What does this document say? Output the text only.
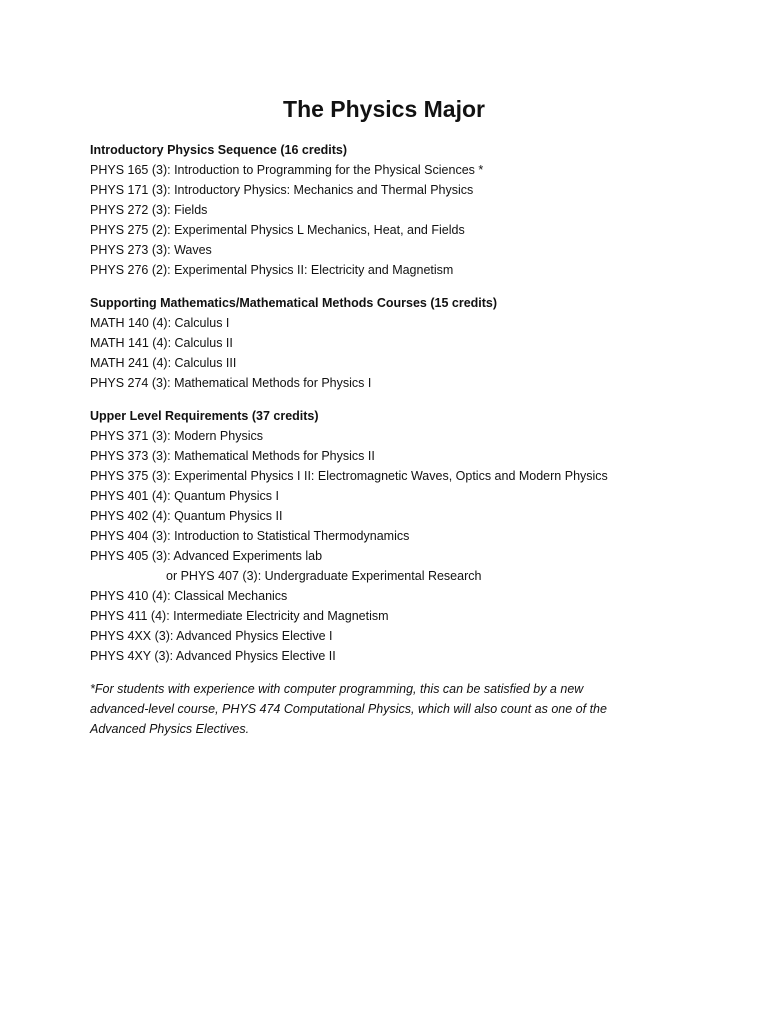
The Physics Major
Introductory Physics Sequence (16 credits)
PHYS 165 (3): Introduction to Programming for the Physical Sciences *
PHYS 171 (3): Introductory Physics: Mechanics and Thermal Physics
PHYS 272 (3): Fields
PHYS 275 (2): Experimental Physics L Mechanics, Heat, and Fields
PHYS 273 (3): Waves
PHYS 276 (2): Experimental Physics II: Electricity and Magnetism
Supporting Mathematics/Mathematical Methods Courses (15 credits)
MATH 140 (4): Calculus I
MATH 141 (4): Calculus II
MATH 241 (4): Calculus III
PHYS 274 (3): Mathematical Methods for Physics I
Upper Level Requirements (37 credits)
PHYS 371 (3): Modern Physics
PHYS 373 (3): Mathematical Methods for Physics II
PHYS 375 (3): Experimental Physics I II: Electromagnetic Waves, Optics and Modern Physics
PHYS 401 (4): Quantum Physics I
PHYS 402 (4): Quantum Physics II
PHYS 404 (3): Introduction to Statistical Thermodynamics
PHYS 405 (3): Advanced Experiments lab
or PHYS 407 (3): Undergraduate Experimental Research
PHYS 410 (4): Classical Mechanics
PHYS 411 (4): Intermediate Electricity and Magnetism
PHYS 4XX (3): Advanced Physics Elective I
PHYS 4XY (3): Advanced Physics Elective II
*For students with experience with computer programming, this can be satisfied by a new
advanced-level course, PHYS 474 Computational Physics, which will also count as one of the
Advanced Physics Electives.
